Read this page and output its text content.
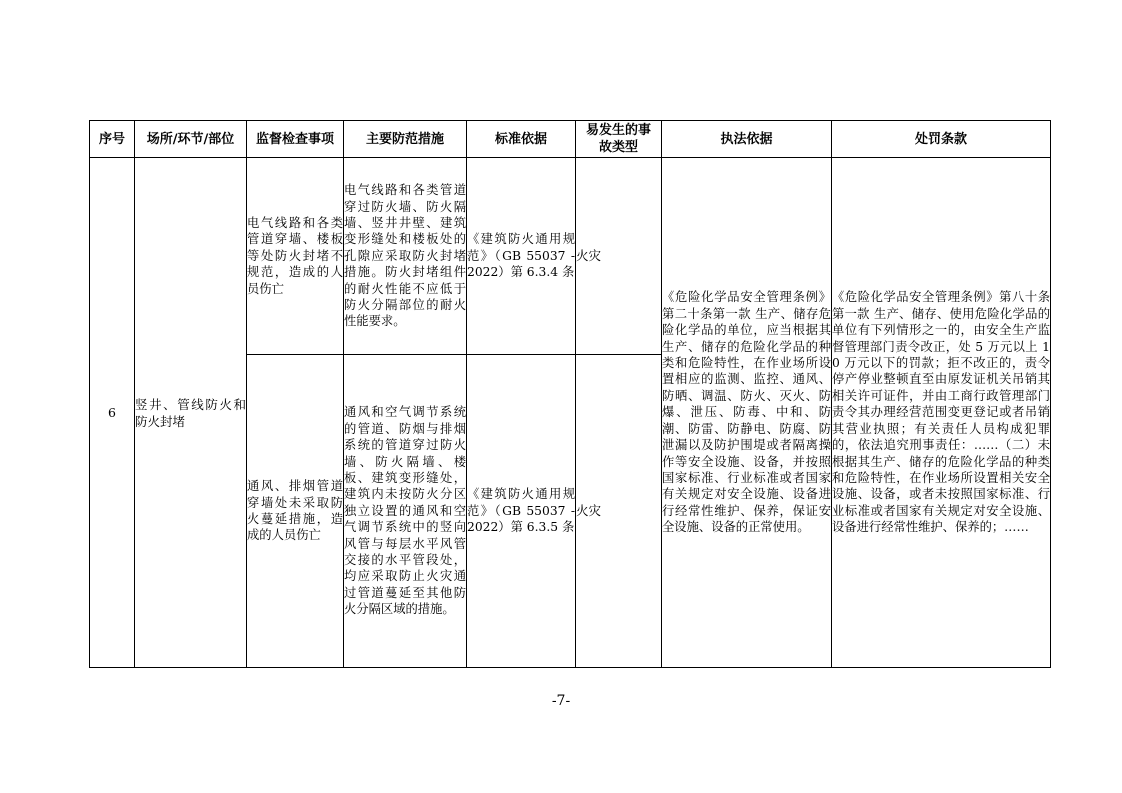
序号	场所/环节/部位	监督检查事项	主要防范措施	标准依据	易发生的事故类型	执法依据	处罚条款
6	竖井、管线防火和防火封堵	电气线路和各类管道穿墙、楼板等处防火封堵不规范，造成的人员伤亡	电气线路和各类管道穿过防火墙、防火隔墙、竖井井壁、建筑变形缝处和楼板处的孔隙应采取防火封堵措施。防火封堵组件的耐火性能不应低于防火分隔部位的耐火性能要求。	《建筑防火通用规范》（GB 55037 -2022）第 6.3.4 条	火灾	《危险化学品安全管理条例》第二十条第一款 生产、储存危险化学品的单位，应当根据其生产、储存的危险化学品的种类和危险特性，在作业场所设置相应的监测、监控、通风、防晒、调温、防火、灭火、防爆、泄压、防毒、中和、防潮、防雷、防静电、防腐、防泄漏以及防护围堤或者隔离操作等安全设施、设备，并按照国家标准、行业标准或者国家有关规定对安全设施、设备进行经常性维护、保养，保证安全设施、设备的正常使用。	《危险化学品安全管理条例》第八十条第一款 生产、储存、使用危险化学品的单位有下列情形之一的，由安全生产监督管理部门责令改正，处 5 万元以上 10 万元以下的罚款；拒不改正的，责令停产停业整顿直至由原发证机关吊销其相关许可证件，并由工商行政管理部门责令其办理经营范围变更登记或者吊销其营业执照；有关责任人员构成犯罪的，依法追究刑事责任：……（二）未根据其生产、储存的危险化学品的种类和危险特性，在作业场所设置相关安全设施、设备，或者未按照国家标准、行业标准或者国家有关规定对安全设施、设备进行经常性维护、保养的；……
		通风、排烟管道穿墙处未采取防火蔓延措施，造成的人员伤亡	通风和空气调节系统的管道、防烟与排烟系统的管道穿过防火墙、防火隔墙、楼板、建筑变形缝处，建筑内未按防火分区独立设置的通风和空气调节系统中的竖向风管与每层水平风管交接的水平管段处，均应采取防止火灾通过管道蔓延至其他防火分隔区域的措施。	《建筑防火通用规范》（GB 55037 -2022）第 6.3.5 条	火灾		
-7-
